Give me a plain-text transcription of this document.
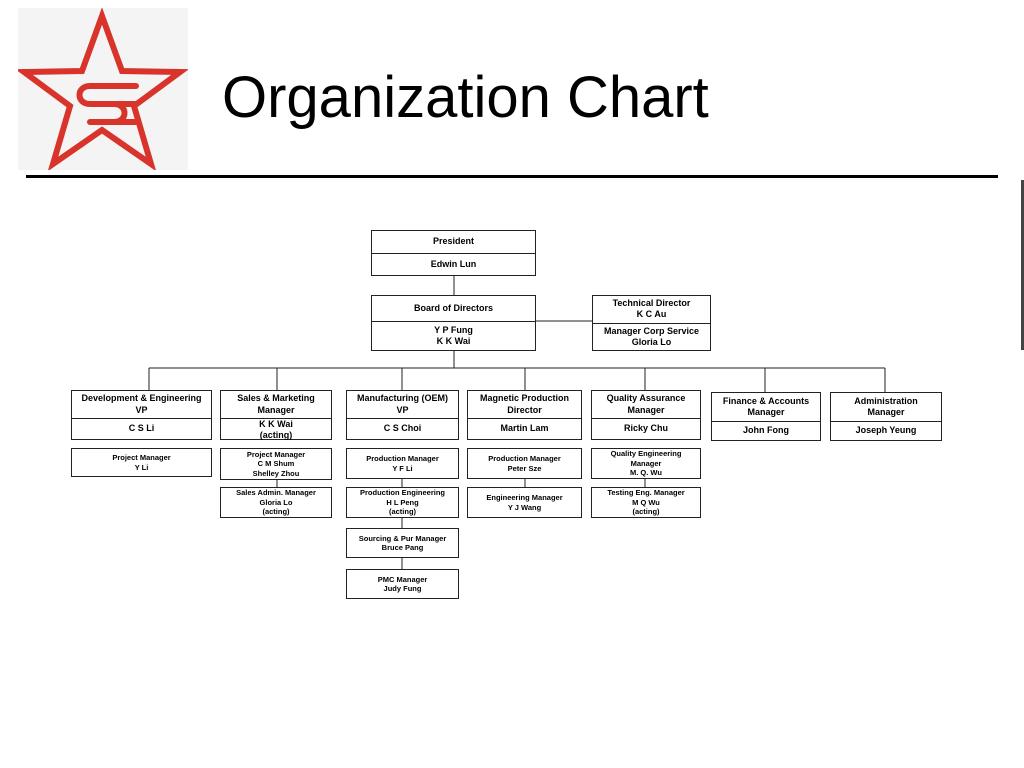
Organization Chart
President
Edwin Lun
Board of Directors
Y P Fung
K K Wai
Technical Director
K C Au
Manager Corp Service
Gloria Lo
Development & Engineering
VP
C S Li
Project Manager
Y Li
Sales & Marketing
Manager
K K Wai
(acting)
Project Manager
C M Shum
Shelley Zhou
Sales Admin. Manager
Gloria Lo
(acting)
Manufacturing (OEM)
VP
C S Choi
Production Manager
Y F Li
Production Engineering
H L Peng
(acting)
Sourcing & Pur Manager
Bruce Pang
PMC Manager
Judy Fung
Magnetic Production
Director
Martin Lam
Production Manager
Peter Sze
Engineering Manager
Y J Wang
Quality Assurance
Manager
Ricky Chu
Quality Engineering
Manager
M. Q. Wu
Testing Eng. Manager
M Q Wu
(acting)
Finance & Accounts
Manager
John Fong
Administration
Manager
Joseph Yeung
